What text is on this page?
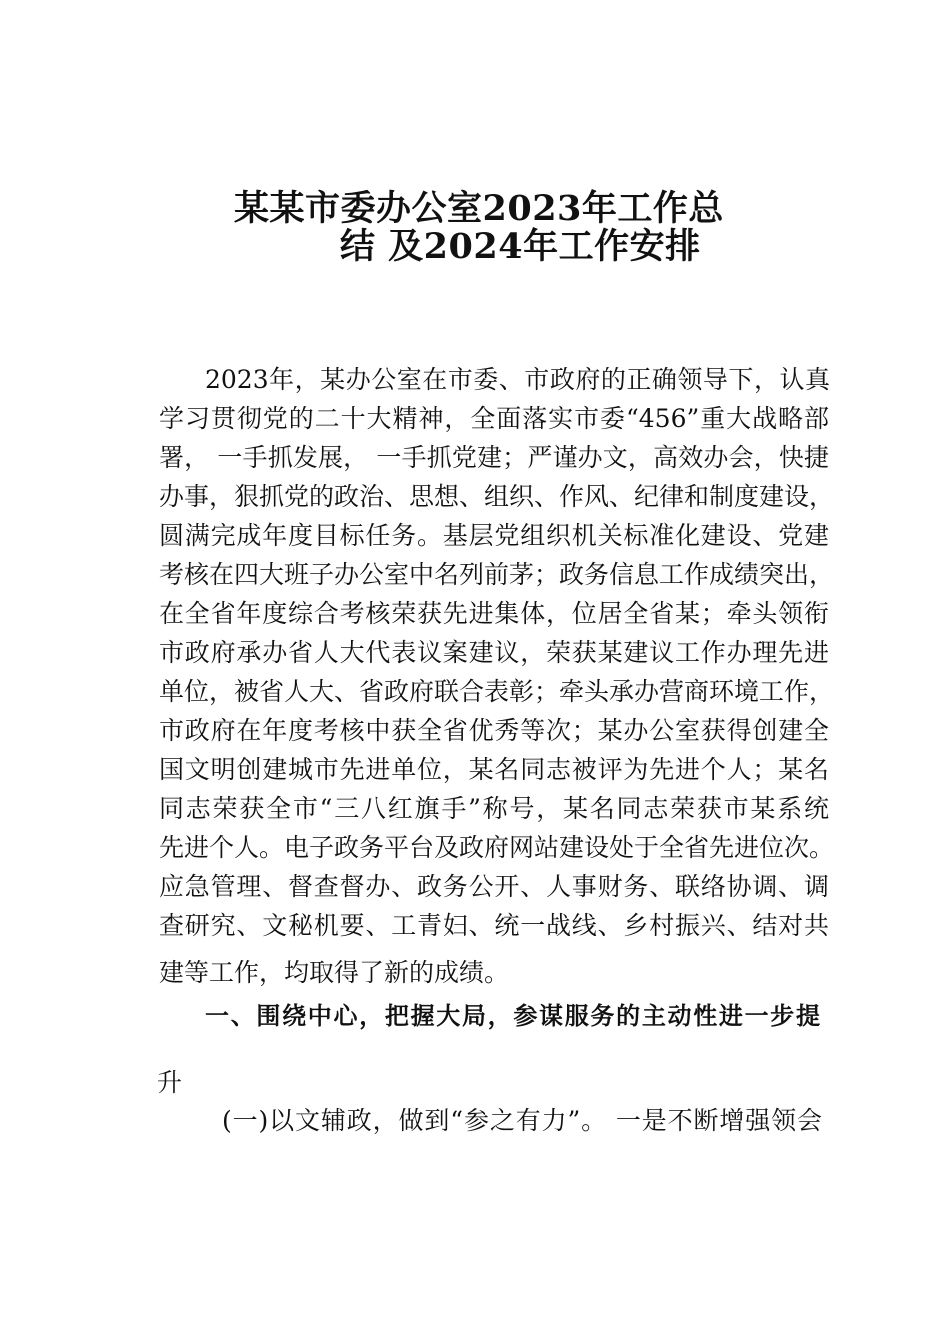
某某市委办公室2023年工作总
结 及2024年工作安排
2023年，某办公室在市委、市政府的正确领导下，认真
学习贯彻党的二十大精神，全面落实市委“456”重大战略部
署， 一手抓发展， 一手抓党建；严谨办文，高效办会，快捷
办事，狠抓党的政治、思想、组织、作风、纪律和制度建设，
圆满完成年度目标任务。基层党组织机关标准化建设、党建
考核在四大班子办公室中名列前茅；政务信息工作成绩突出，
在全省年度综合考核荣获先进集体，位居全省某；牵头领衔
市政府承办省人大代表议案建议，荣获某建议工作办理先进
单位，被省人大、省政府联合表彰；牵头承办营商环境工作，
市政府在年度考核中获全省优秀等次；某办公室获得创建全
国文明创建城市先进单位，某名同志被评为先进个人；某名
同志荣获全市“三八红旗手”称号，某名同志荣获市某系统
先进个人。电子政务平台及政府网站建设处于全省先进位次。
应急管理、督查督办、政务公开、人事财务、联络协调、调
查研究、文秘机要、工青妇、统一战线、乡村振兴、结对共
建等工作，均取得了新的成绩。
一、围绕中心，把握大局，参谋服务的主动性进一步提
升
(一)以文辅政，做到“参之有力”。 一是不断增强领会
